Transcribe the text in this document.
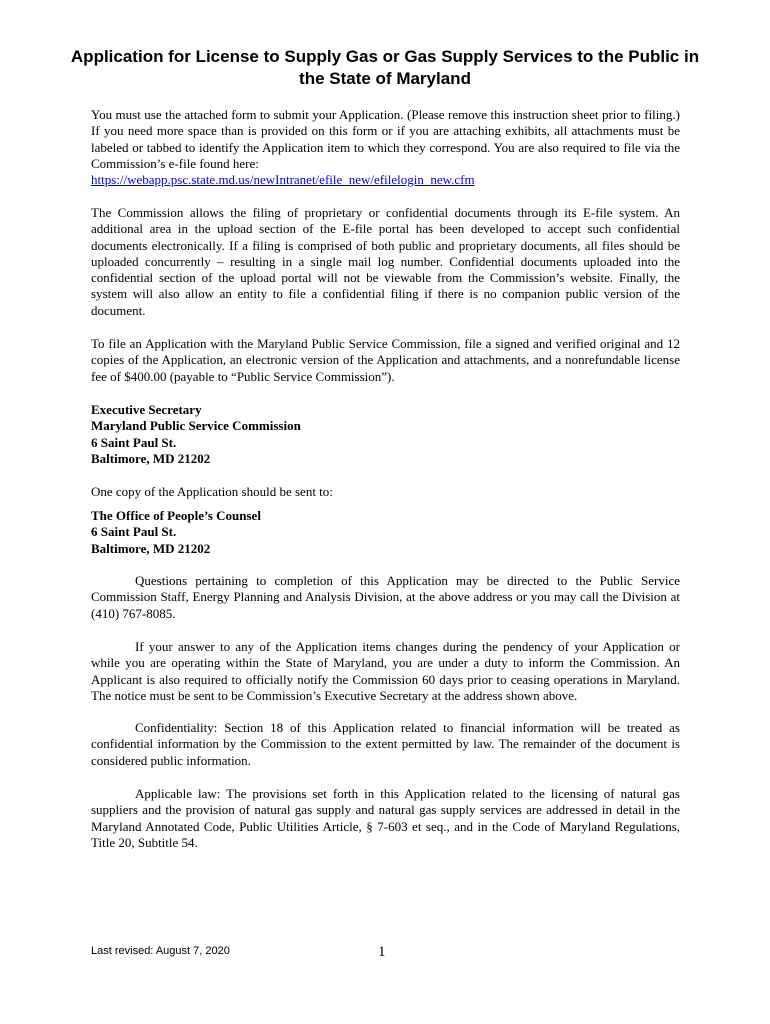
Application for License to Supply Gas or Gas Supply Services to the Public in the State of Maryland
You must use the attached form to submit your Application. (Please remove this instruction sheet prior to filing.) If you need more space than is provided on this form or if you are attaching exhibits, all attachments must be labeled or tabbed to identify the Application item to which they correspond. You are also required to file via the Commission’s e-file found here:
https://webapp.psc.state.md.us/newIntranet/efile_new/efilelogin_new.cfm

The Commission allows the filing of proprietary or confidential documents through its E-file system. An additional area in the upload section of the E-file portal has been developed to accept such confidential documents electronically. If a filing is comprised of both public and proprietary documents, all files should be uploaded concurrently – resulting in a single mail log number. Confidential documents uploaded into the confidential section of the upload portal will not be viewable from the Commission’s website. Finally, the system will also allow an entity to file a confidential filing if there is no companion public version of the document.

To file an Application with the Maryland Public Service Commission, file a signed and verified original and 12 copies of the Application, an electronic version of the Application and attachments, and a nonrefundable license fee of $400.00 (payable to “Public Service Commission”).

Executive Secretary
Maryland Public Service Commission
6 Saint Paul St.
Baltimore, MD 21202

One copy of the Application should be sent to:

The Office of People’s Counsel
6 Saint Paul St.
Baltimore, MD 21202

Questions pertaining to completion of this Application may be directed to the Public Service Commission Staff, Energy Planning and Analysis Division, at the above address or you may call the Division at (410) 767-8085.

If your answer to any of the Application items changes during the pendency of your Application or while you are operating within the State of Maryland, you are under a duty to inform the Commission. An Applicant is also required to officially notify the Commission 60 days prior to ceasing operations in Maryland. The notice must be sent to be Commission’s Executive Secretary at the address shown above.

Confidentiality: Section 18 of this Application related to financial information will be treated as confidential information by the Commission to the extent permitted by law. The remainder of the document is considered public information.

Applicable law: The provisions set forth in this Application related to the licensing of natural gas suppliers and the provision of natural gas supply and natural gas supply services are addressed in detail in the Maryland Annotated Code, Public Utilities Article, § 7-603 et seq., and in the Code of Maryland Regulations, Title 20, Subtitle 54.

Last revised: August 7, 2020	1
